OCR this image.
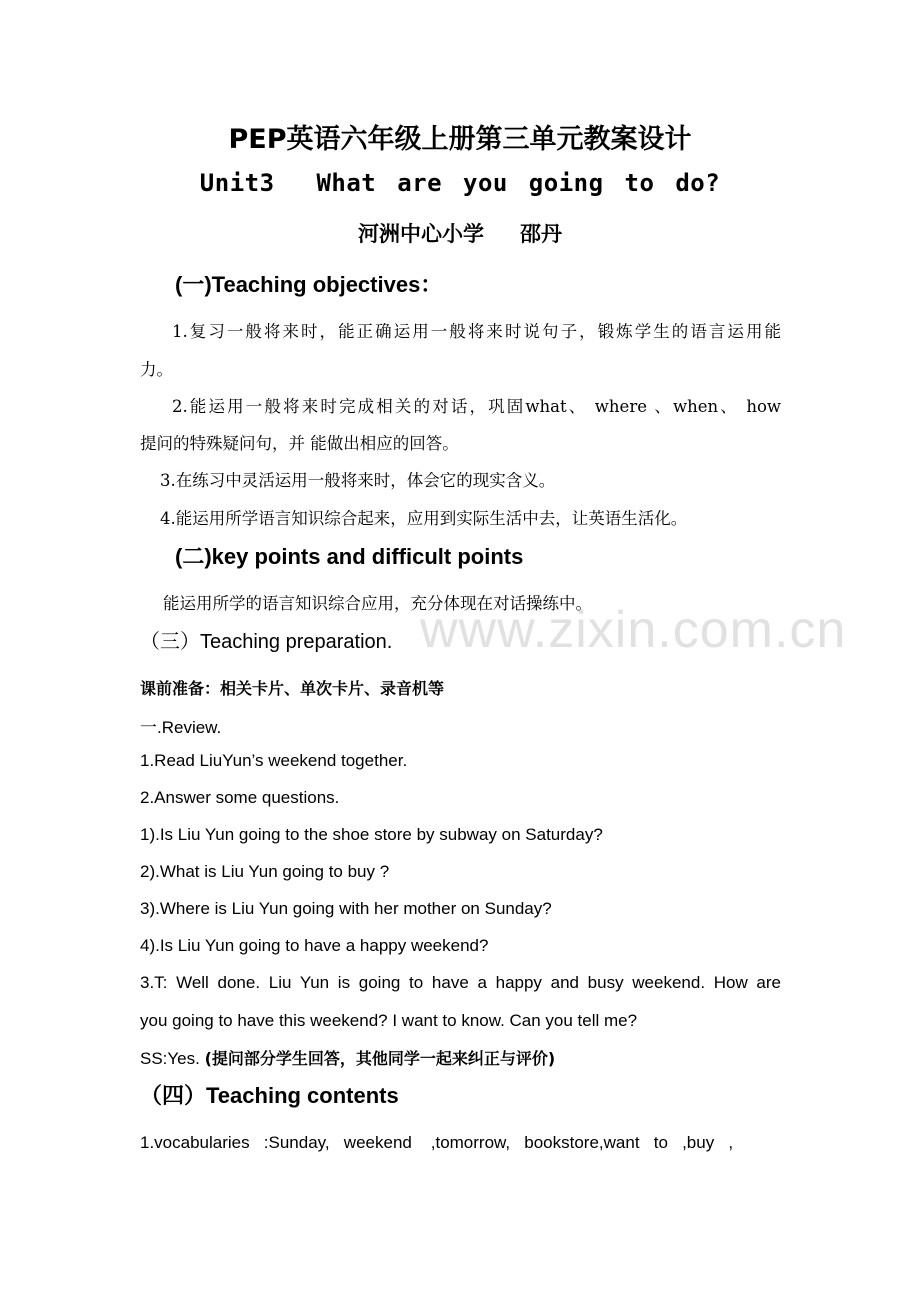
PEP英语六年级上册第三单元教案设计
Unit3 What are you going to do?
河洲中心小学 邵丹
(一)Teaching objectives：
1.复习一般将来时，能正确运用一般将来时说句子，锻炼学生的语言运用能
力。
2.能运用一般将来时完成相关的对话，巩固what、 where 、when、 how
提问的特殊疑问句，并 能做出相应的回答。
3.在练习中灵活运用一般将来时，体会它的现实含义。
4.能运用所学语言知识综合起来，应用到实际生活中去，让英语生活化。
(二)key points and difficult points
能运用所学的语言知识综合应用，充分体现在对话操练中。
（三）Teaching preparation.
课前准备：相关卡片、单次卡片、录音机等
一.Review.
1.Read LiuYun’s weekend together.
2.Answer some questions.
1).Is Liu Yun going to the shoe store by subway on Saturday?
2).What is Liu Yun going to buy ?
3).Where is Liu Yun going with her mother on Sunday?
4).Is Liu Yun going to have a happy weekend?
3.T: Well done. Liu Yun is going to have a happy and busy weekend. How are
you going to have this weekend? I want to know. Can you tell me?
SS:Yes. (提问部分学生回答，其他同学一起来纠正与评价)
（四）Teaching contents
1.vocabularies   :Sunday,   weekend    ,tomorrow,   bookstore,want   to   ,buy   ,
www.zixin.com.cn
